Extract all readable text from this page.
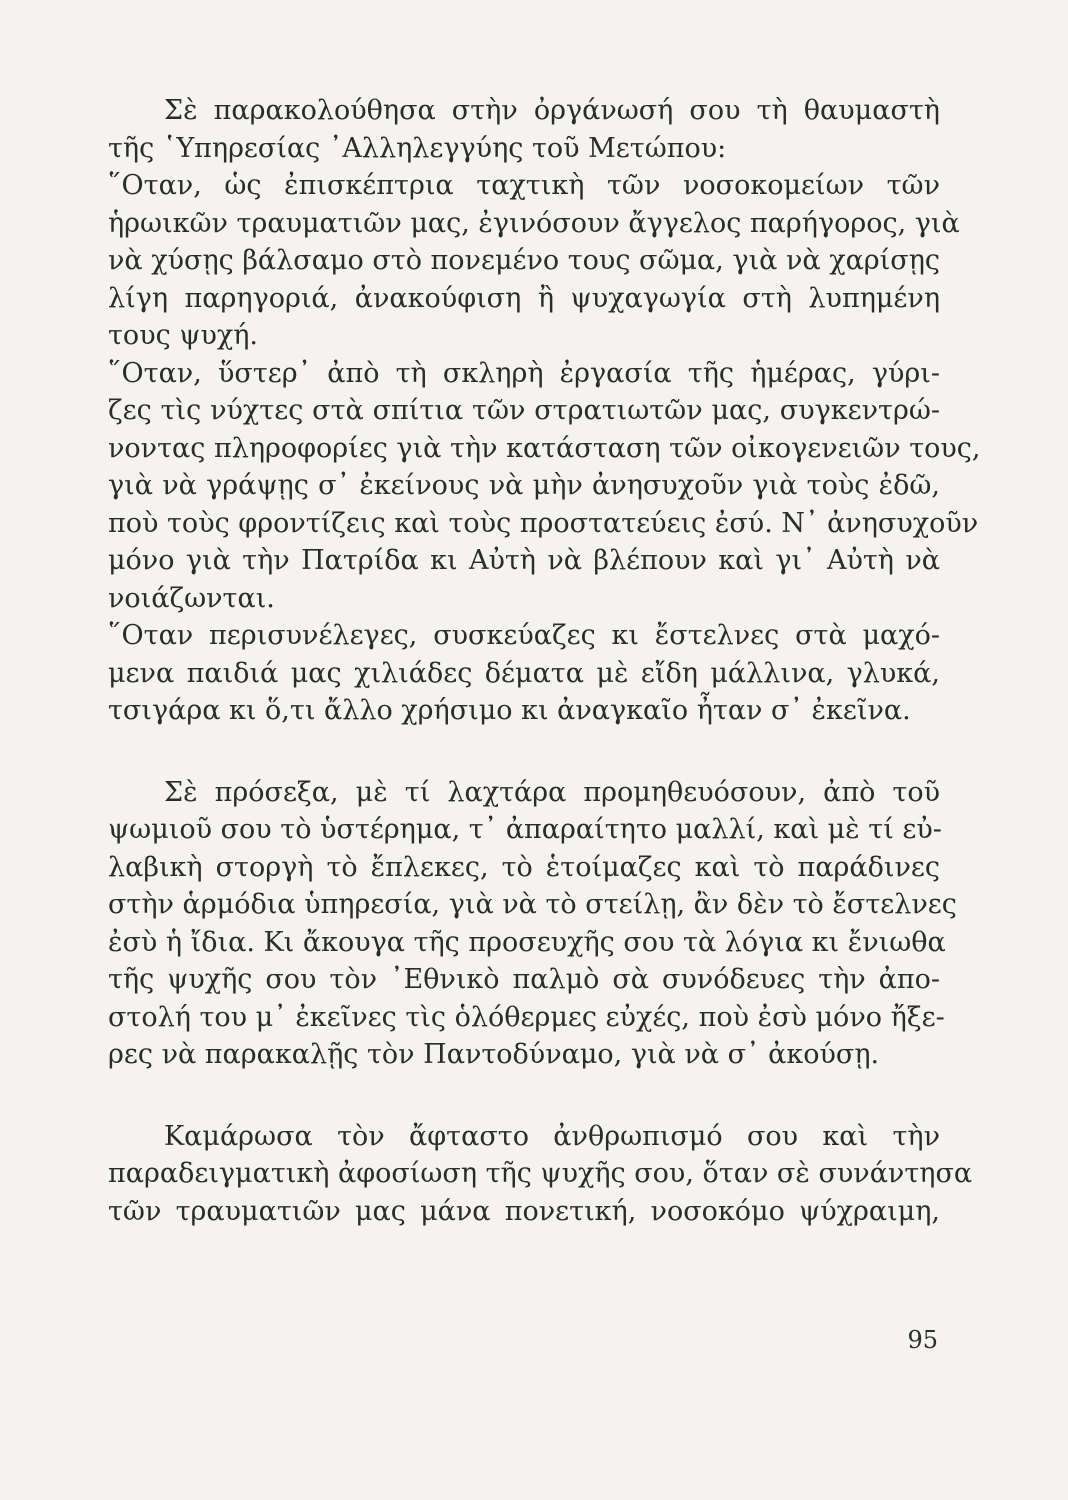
Σὲ παρακολούθησα στὴν ὀργάνωσή σου τὴ θαυμαστὴ
τῆς ῾Υπηρεσίας ᾿Αλληλεγγύης τοῦ Μετώπου:
῞Οταν, ὡς ἐπισκέπτρια ταχτικὴ τῶν νοσοκομείων τῶν
ἡρωικῶν τραυματιῶν μας, ἐγινόσουν ἄγγελος παρήγορος, γιὰ
νὰ χύσῃς βάλσαμο στὸ πονεμένο τους σῶμα, γιὰ νὰ χαρίσῃς
λίγη παρηγοριά, ἀνακούφιση ἢ ψυχαγωγία στὴ λυπημένη
τους ψυχή.
῞Οταν, ὕστερ᾿ ἀπὸ τὴ σκληρὴ ἐργασία τῆς ἡμέρας, γύρι-
ζες τὶς νύχτες στὰ σπίτια τῶν στρατιωτῶν μας, συγκεντρώ-
νοντας πληροφορίες γιὰ τὴν κατάσταση τῶν οἰκογενειῶν τους,
γιὰ νὰ γράψῃς σ᾿ ἐκείνους νὰ μὴν ἀνησυχοῦν γιὰ τοὺς ἐδῶ,
ποὺ τοὺς φροντίζεις καὶ τοὺς προστατεύεις ἐσύ. Ν᾿ ἀνησυχοῦν
μόνο γιὰ τὴν Πατρίδα κι Αὐτὴ νὰ βλέπουν καὶ γι᾿ Αὐτὴ νὰ
νοιάζωνται.
῞Οταν περισυνέλεγες, συσκεύαζες κι ἔστελνες στὰ μαχό-
μενα παιδιά μας χιλιάδες δέματα μὲ εἴδη μάλλινα, γλυκά,
τσιγάρα κι ὅ,τι ἄλλο χρήσιμο κι ἀναγκαῖο ἦταν σ᾿ ἐκεῖνα.
Σὲ πρόσεξα, μὲ τί λαχτάρα προμηθευόσουν, ἀπὸ τοῦ
ψωμιοῦ σου τὸ ὑστέρημα, τ᾿ ἀπαραίτητο μαλλί, καὶ μὲ τί εὐ-
λαβικὴ στοργὴ τὸ ἔπλεκες, τὸ ἑτοίμαζες καὶ τὸ παράδινες
στὴν ἁρμόδια ὑπηρεσία, γιὰ νὰ τὸ στείλῃ, ἂν δὲν τὸ ἔστελνες
ἐσὺ ἡ ἴδια. Κι ἄκουγα τῆς προσευχῆς σου τὰ λόγια κι ἔνιωθα
τῆς ψυχῆς σου τὸν ᾿Εθνικὸ παλμὸ σὰ συνόδευες τὴν ἀπο-
στολή του μ᾿ ἐκεῖνες τὶς ὁλόθερμες εὐχές, ποὺ ἐσὺ μόνο ἤξε-
ρες νὰ παρακαλῇς τὸν Παντοδύναμο, γιὰ νὰ σ᾿ ἀκούσῃ.
Καμάρωσα τὸν ἄφταστο ἀνθρωπισμό σου καὶ τὴν
παραδειγματικὴ ἀφοσίωση τῆς ψυχῆς σου, ὅταν σὲ συνάντησα
τῶν τραυματιῶν μας μάνα πονετική, νοσοκόμο ψύχραιμη,
95
